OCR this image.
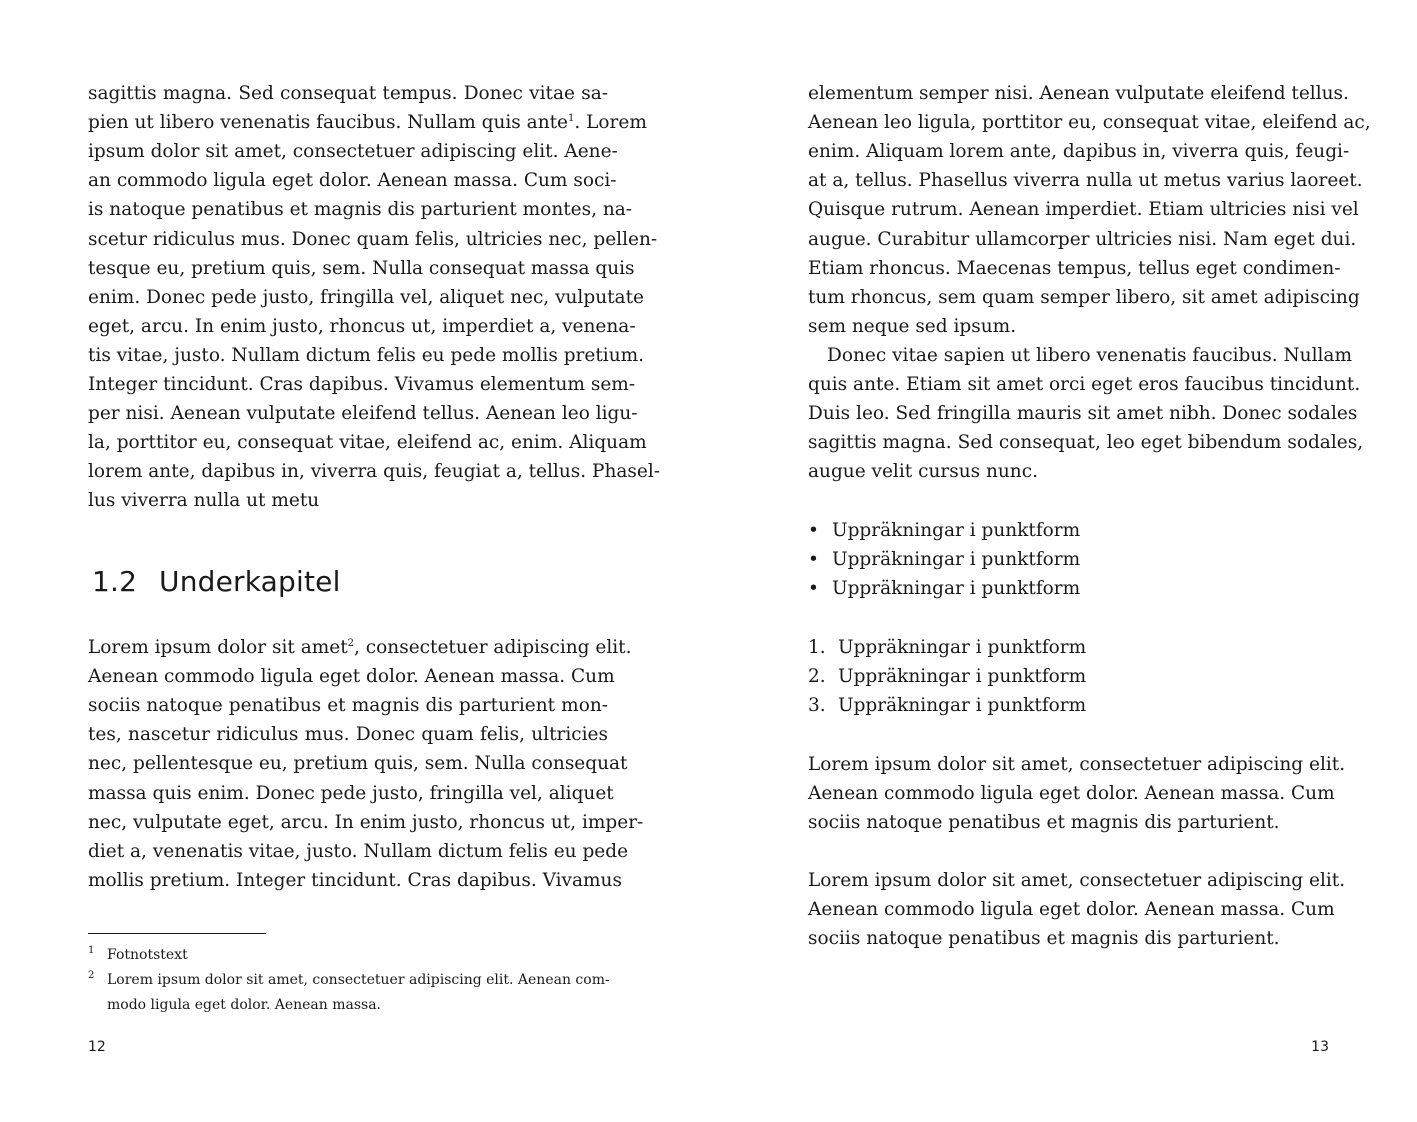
sagittis magna. Sed consequat tempus. Donec vitae sa-
pien ut libero venenatis faucibus. Nullam quis ante$^1$. Lorem
ipsum dolor sit amet, consectetuer adipiscing elit. Aene-
an commodo ligula eget dolor. Aenean massa. Cum soci-
is natoque penatibus et magnis dis parturient montes, na-
scetur ridiculus mus. Donec quam felis, ultricies nec, pellen-
tesque eu, pretium quis, sem. Nulla consequat massa quis
enim. Donec pede justo, fringilla vel, aliquet nec, vulputate
eget, arcu. In enim justo, rhoncus ut, imperdiet a, venena-
tis vitae, justo. Nullam dictum felis eu pede mollis pretium.
Integer tincidunt. Cras dapibus. Vivamus elementum sem-
per nisi. Aenean vulputate eleifend tellus. Aenean leo ligu-
la, porttitor eu, consequat vitae, eleifend ac, enim. Aliquam
lorem ante, dapibus in, viverra quis, feugiat a, tellus. Phasel-
lus viverra nulla ut metu
1.2 Underkapitel
Lorem ipsum dolor sit amet$^2$, consectetuer adipiscing elit.
Aenean commodo ligula eget dolor. Aenean massa. Cum
sociis natoque penatibus et magnis dis parturient mon-
tes, nascetur ridiculus mus. Donec quam felis, ultricies
nec, pellentesque eu, pretium quis, sem. Nulla consequat
massa quis enim. Donec pede justo, fringilla vel, aliquet
nec, vulputate eget, arcu. In enim justo, rhoncus ut, imper-
diet a, venenatis vitae, justo. Nullam dictum felis eu pede
mollis pretium. Integer tincidunt. Cras dapibus. Vivamus
1 Fotnotstext
2 Lorem ipsum dolor sit amet, consectetuer adipiscing elit. Aenean com-
modo ligula eget dolor. Aenean massa.
12
elementum semper nisi. Aenean vulputate eleifend tellus.
Aenean leo ligula, porttitor eu, consequat vitae, eleifend ac,
enim. Aliquam lorem ante, dapibus in, viverra quis, feugi-
at a, tellus. Phasellus viverra nulla ut metus varius laoreet.
Quisque rutrum. Aenean imperdiet. Etiam ultricies nisi vel
augue. Curabitur ullamcorper ultricies nisi. Nam eget dui.
Etiam rhoncus. Maecenas tempus, tellus eget condimen-
tum rhoncus, sem quam semper libero, sit amet adipiscing
sem neque sed ipsum.
Donec vitae sapien ut libero venenatis faucibus. Nullam
quis ante. Etiam sit amet orci eget eros faucibus tincidunt.
Duis leo. Sed fringilla mauris sit amet nibh. Donec sodales
sagittis magna. Sed consequat, leo eget bibendum sodales,
augue velit cursus nunc.
• Uppräkningar i punktform
• Uppräkningar i punktform
• Uppräkningar i punktform
1. Uppräkningar i punktform
2. Uppräkningar i punktform
3. Uppräkningar i punktform
Lorem ipsum dolor sit amet, consectetuer adipiscing elit.
Aenean commodo ligula eget dolor. Aenean massa. Cum
sociis natoque penatibus et magnis dis parturient.
Lorem ipsum dolor sit amet, consectetuer adipiscing elit.
Aenean commodo ligula eget dolor. Aenean massa. Cum
sociis natoque penatibus et magnis dis parturient.
13
